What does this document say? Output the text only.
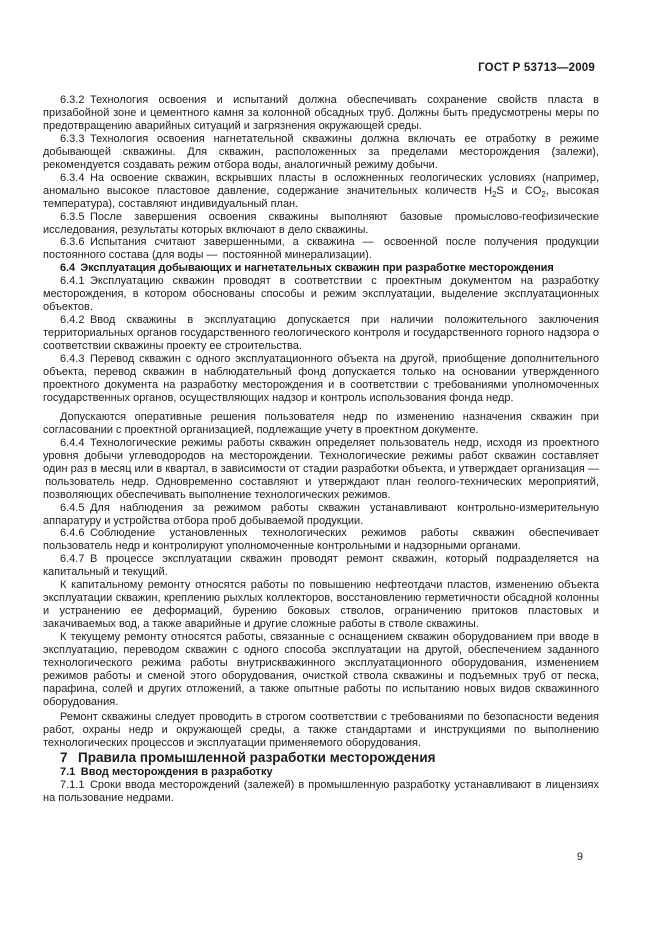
ГОСТ Р 53713—2009

6.3.2 Технология освоения и испытаний должна обеспечивать сохранение свойств пласта в призабойной зоне и цементного камня за колонной обсадных труб. Должны быть предусмотрены меры по предотвращению аварийных ситуаций и загрязнения окружающей среды.

6.3.3 Технология освоения нагнетательной скважины должна включать ее отработку в режиме добывающей скважины. Для скважин, расположенных за пределами месторождения (залежи), рекомендуется создавать режим отбора воды, аналогичный режиму добычи.

6.3.4 На освоение скважин, вскрывших пласты в осложненных геологических условиях (например, аномально высокое пластовое давление, содержание значительных количеств $H_2S$ и $CO_2$, высокая температура), составляют индивидуальный план.

6.3.5 После завершения освоения скважины выполняют базовые промыслово-геофизические исследования, результаты которых включают в дело скважины.

6.3.6 Испытания считают завершенными, а скважина —  освоенной после получения продукции постоянного состава (для воды —  постоянной минерализации).

6.4 Эксплуатация добывающих и нагнетательных скважин при разработке месторождения

6.4.1 Эксплуатацию скважин проводят в соответствии с проектным документом на разработку месторождения, в котором обоснованы способы и режим эксплуатации, выделение эксплуатационных объектов.

6.4.2 Ввод скважины в эксплуатацию допускается при наличии положительного заключения территориальных органов государственного геологического контроля и государственного горного надзора о соответствии скважины проекту ее строительства.

6.4.3 Перевод скважин с одного эксплуатационного объекта на другой, приобщение дополнительного объекта, перевод скважин в наблюдательный фонд допускается только на основании утвержденного проектного документа на разработку месторождения и в соответствии с требованиями уполномоченных государственных органов, осуществляющих надзор и контроль использования фонда недр.

Допускаются оперативные решения пользователя недр по изменению назначения скважин при согласовании с проектной организацией, подлежащие учету в проектном документе.

6.4.4 Технологические режимы работы скважин определяет пользователь недр, исходя из проектного уровня добычи углеводородов на месторождении. Технологические режимы работ скважин составляет один раз в месяц или в квартал, в зависимости от стадии разработки объекта, и утверждает организация —  пользователь недр. Одновременно составляют и утверждают план геолого-технических мероприятий, позволяющих обеспечивать выполнение технологических режимов.

6.4.5 Для наблюдения за режимом работы скважин устанавливают контрольно-измерительную аппаратуру и устройства отбора проб добываемой продукции.

6.4.6 Соблюдение установленных технологических режимов работы скважин обеспечивает пользователь недр и контролируют уполномоченные контрольными и надзорными органами.

6.4.7 В процессе эксплуатации скважин проводят ремонт скважин, который подразделяется на капитальный и текущий.

К капитальному ремонту относятся работы по повышению нефтеотдачи пластов, изменению объекта эксплуатации скважин, креплению рыхлых коллекторов, восстановлению герметичности обсадной колонны и устранению ее деформаций, бурению боковых стволов, ограничению притоков пластовых и закачиваемых вод, а также аварийные и другие сложные работы в стволе скважины.

К текущему ремонту относятся работы, связанные с оснащением скважин оборудованием при вводе в эксплуатацию, переводом скважин с одного способа эксплуатации на другой, обеспечением заданного технологического режима работы внутрискважинного эксплуатационного оборудования, изменением режимов работы и сменой этого оборудования, очисткой ствола скважины и подъемных труб от песка, парафина, солей и других отложений, а также опытные работы по испытанию новых видов скважинного оборудования.

Ремонт скважины следует проводить в строгом соответствии с требованиями по безопасности ведения работ, охраны недр и окружающей среды, а также стандартами и инструкциями по выполнению технологических процессов и эксплуатации применяемого оборудования.

7  Правила промышленной разработки месторождения

7.1 Ввод месторождения в разработку

7.1.1 Сроки ввода месторождений (залежей) в промышленную разработку устанавливают в лицензиях на пользование недрами.

9
